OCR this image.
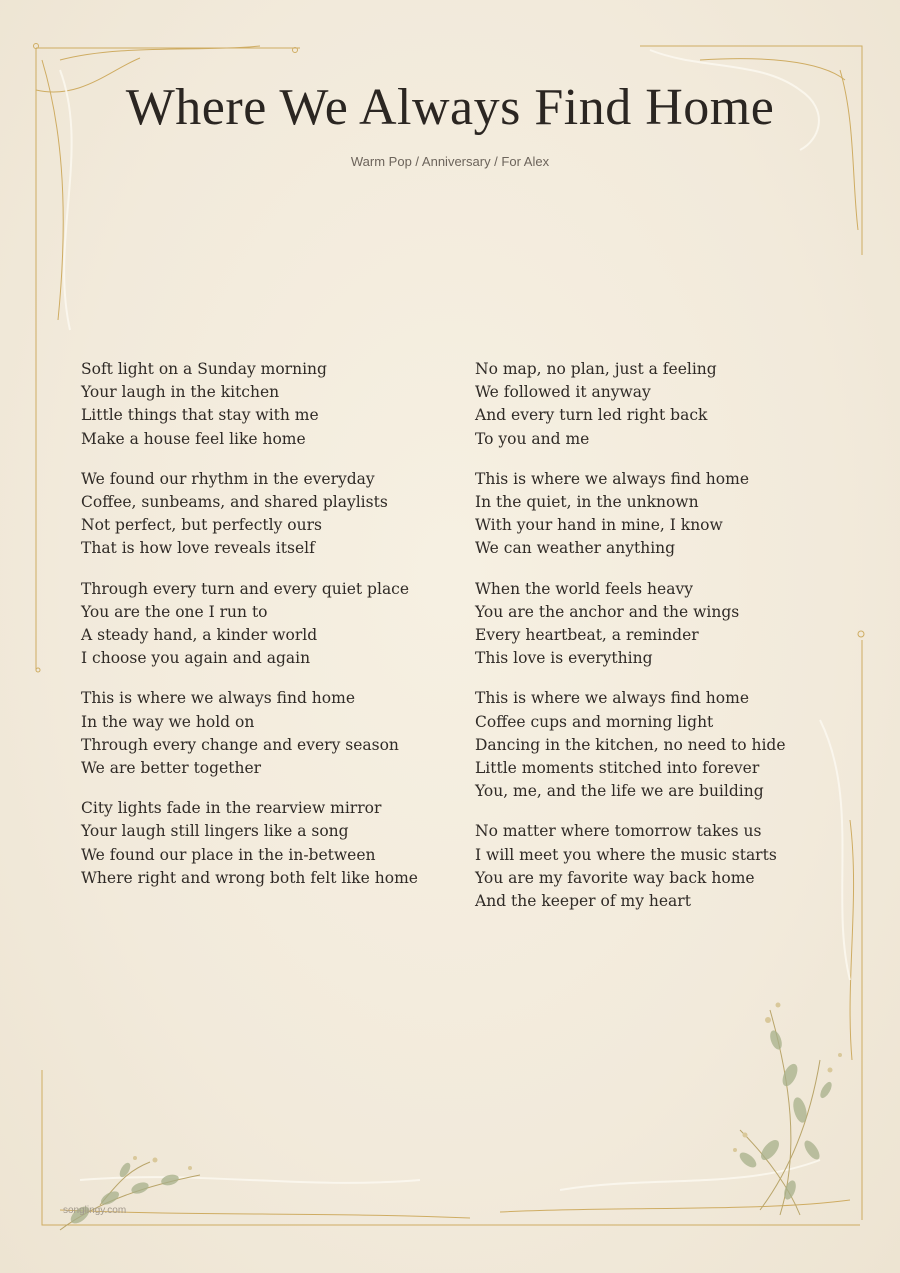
Where We Always Find Home
Warm Pop / Anniversary / For Alex
Soft light on a Sunday morning
Your laugh in the kitchen
Little things that stay with me
Make a house feel like home
We found our rhythm in the everyday
Coffee, sunbeams, and shared playlists
Not perfect, but perfectly ours
That is how love reveals itself
Through every turn and every quiet place
You are the one I run to
A steady hand, a kinder world
I choose you again and again
This is where we always find home
In the way we hold on
Through every change and every season
We are better together
City lights fade in the rearview mirror
Your laugh still lingers like a song
We found our place in the in-between
Where right and wrong both felt like home
No map, no plan, just a feeling
We followed it anyway
And every turn led right back
To you and me
This is where we always find home
In the quiet, in the unknown
With your hand in mine, I know
We can weather anything
When the world feels heavy
You are the anchor and the wings
Every heartbeat, a reminder
This love is everything
This is where we always find home
Coffee cups and morning light
Dancing in the kitchen, no need to hide
Little moments stitched into forever
You, me, and the life we are building
No matter where tomorrow takes us
I will meet you where the music starts
You are my favorite way back home
And the keeper of my heart
songlingy.com
